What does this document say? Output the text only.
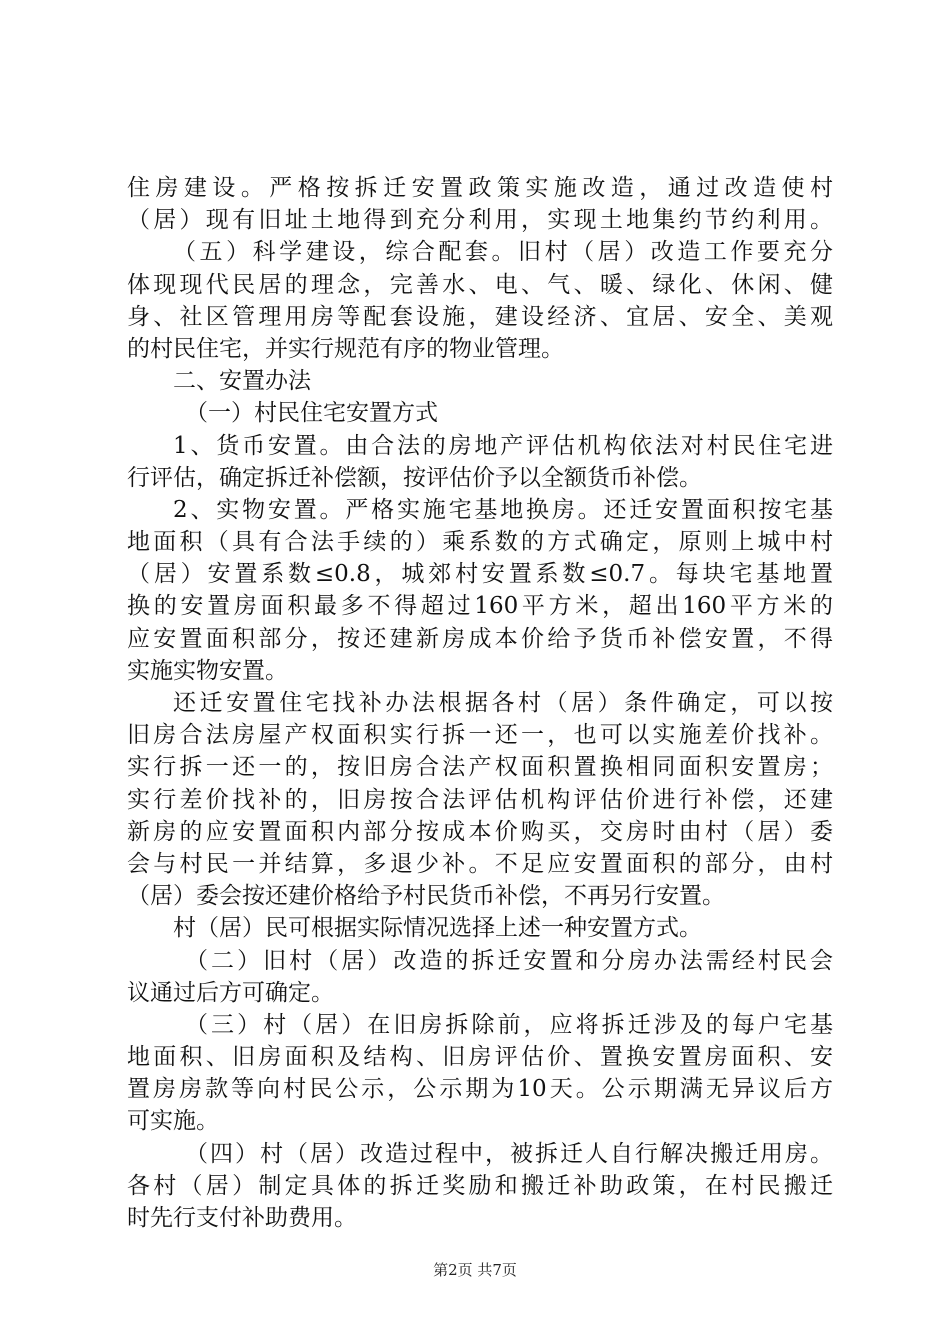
住房建设。严格按拆迁安置政策实施改造，通过改造使村
（居）现有旧址土地得到充分利用，实现土地集约节约利用。
（五）科学建设，综合配套。旧村（居）改造工作要充分
体现现代民居的理念，完善水、电、气、暖、绿化、休闲、健
身、社区管理用房等配套设施，建设经济、宜居、安全、美观
的村民住宅，并实行规范有序的物业管理。
二、安置办法
（一）村民住宅安置方式
1、货币安置。由合法的房地产评估机构依法对村民住宅进
行评估，确定拆迁补偿额，按评估价予以全额货币补偿。
2、实物安置。严格实施宅基地换房。还迁安置面积按宅基
地面积（具有合法手续的）乘系数的方式确定，原则上城中村
（居）安置系数≤0.8，城郊村安置系数≤0.7。每块宅基地置
换的安置房面积最多不得超过160平方米，超出160平方米的
应安置面积部分，按还建新房成本价给予货币补偿安置，不得
实施实物安置。
还迁安置住宅找补办法根据各村（居）条件确定，可以按
旧房合法房屋产权面积实行拆一还一，也可以实施差价找补。
实行拆一还一的，按旧房合法产权面积置换相同面积安置房；
实行差价找补的，旧房按合法评估机构评估价进行补偿，还建
新房的应安置面积内部分按成本价购买，交房时由村（居）委
会与村民一并结算，多退少补。不足应安置面积的部分，由村
（居）委会按还建价格给予村民货币补偿，不再另行安置。
村（居）民可根据实际情况选择上述一种安置方式。
（二）旧村（居）改造的拆迁安置和分房办法需经村民会
议通过后方可确定。
（三）村（居）在旧房拆除前，应将拆迁涉及的每户宅基
地面积、旧房面积及结构、旧房评估价、置换安置房面积、安
置房房款等向村民公示，公示期为10天。公示期满无异议后方
可实施。
（四）村（居）改造过程中，被拆迁人自行解决搬迁用房。
各村（居）制定具体的拆迁奖励和搬迁补助政策，在村民搬迁
时先行支付补助费用。
第2页 共7页
